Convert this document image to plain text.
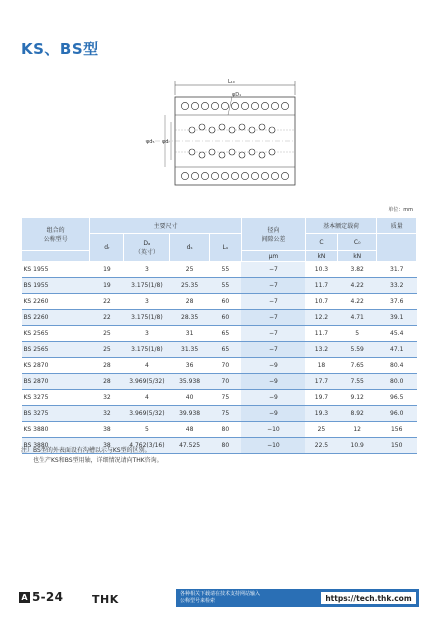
KS、BS型
L₁₀
φD₁
φd₅ φdᵣ
单位：mm
组合的
公称型号	主要尺寸				径向
间隙公差	基本额定载荷		质量
	dᵣ	Dₐ
（英寸）	dₛ	Lᵤ		C	C₀	
					μm	kN	kN	
KS 1955	19	3	25	55	−7	10.3	3.82	31.7
BS 1955	19	3.175(1/8)	25.35	55	−7	11.7	4.22	33.2
KS 2260	22	3	28	60	−7	10.7	4.22	37.6
BS 2260	22	3.175(1/8)	28.35	60	−7	12.2	4.71	39.1
KS 2565	25	3	31	65	−7	11.7	5	45.4
BS 2565	25	3.175(1/8)	31.35	65	−7	13.2	5.59	47.1
KS 2870	28	4	36	70	−9	18	7.65	80.4
BS 2870	28	3.969(5/32)	35.938	70	−9	17.7	7.55	80.0
KS 3275	32	4	40	75	−9	19.7	9.12	96.5
BS 3275	32	3.969(5/32)	39.938	75	−9	19.3	8.92	96.0
KS 3880	38	5	48	80	−10	25	12	156
BS 3880	38	4.762(3/16)	47.525	80	−10	22.5	10.9	150
注）BS型的外表面设有沟槽以示与KS型的区别。
也生产KS和BS型用轴，详细情况请向THK咨询。
A 5-24	THK	各种相关下载请在技术支持网站输入
公称型号来检索	https://tech.thk.com
